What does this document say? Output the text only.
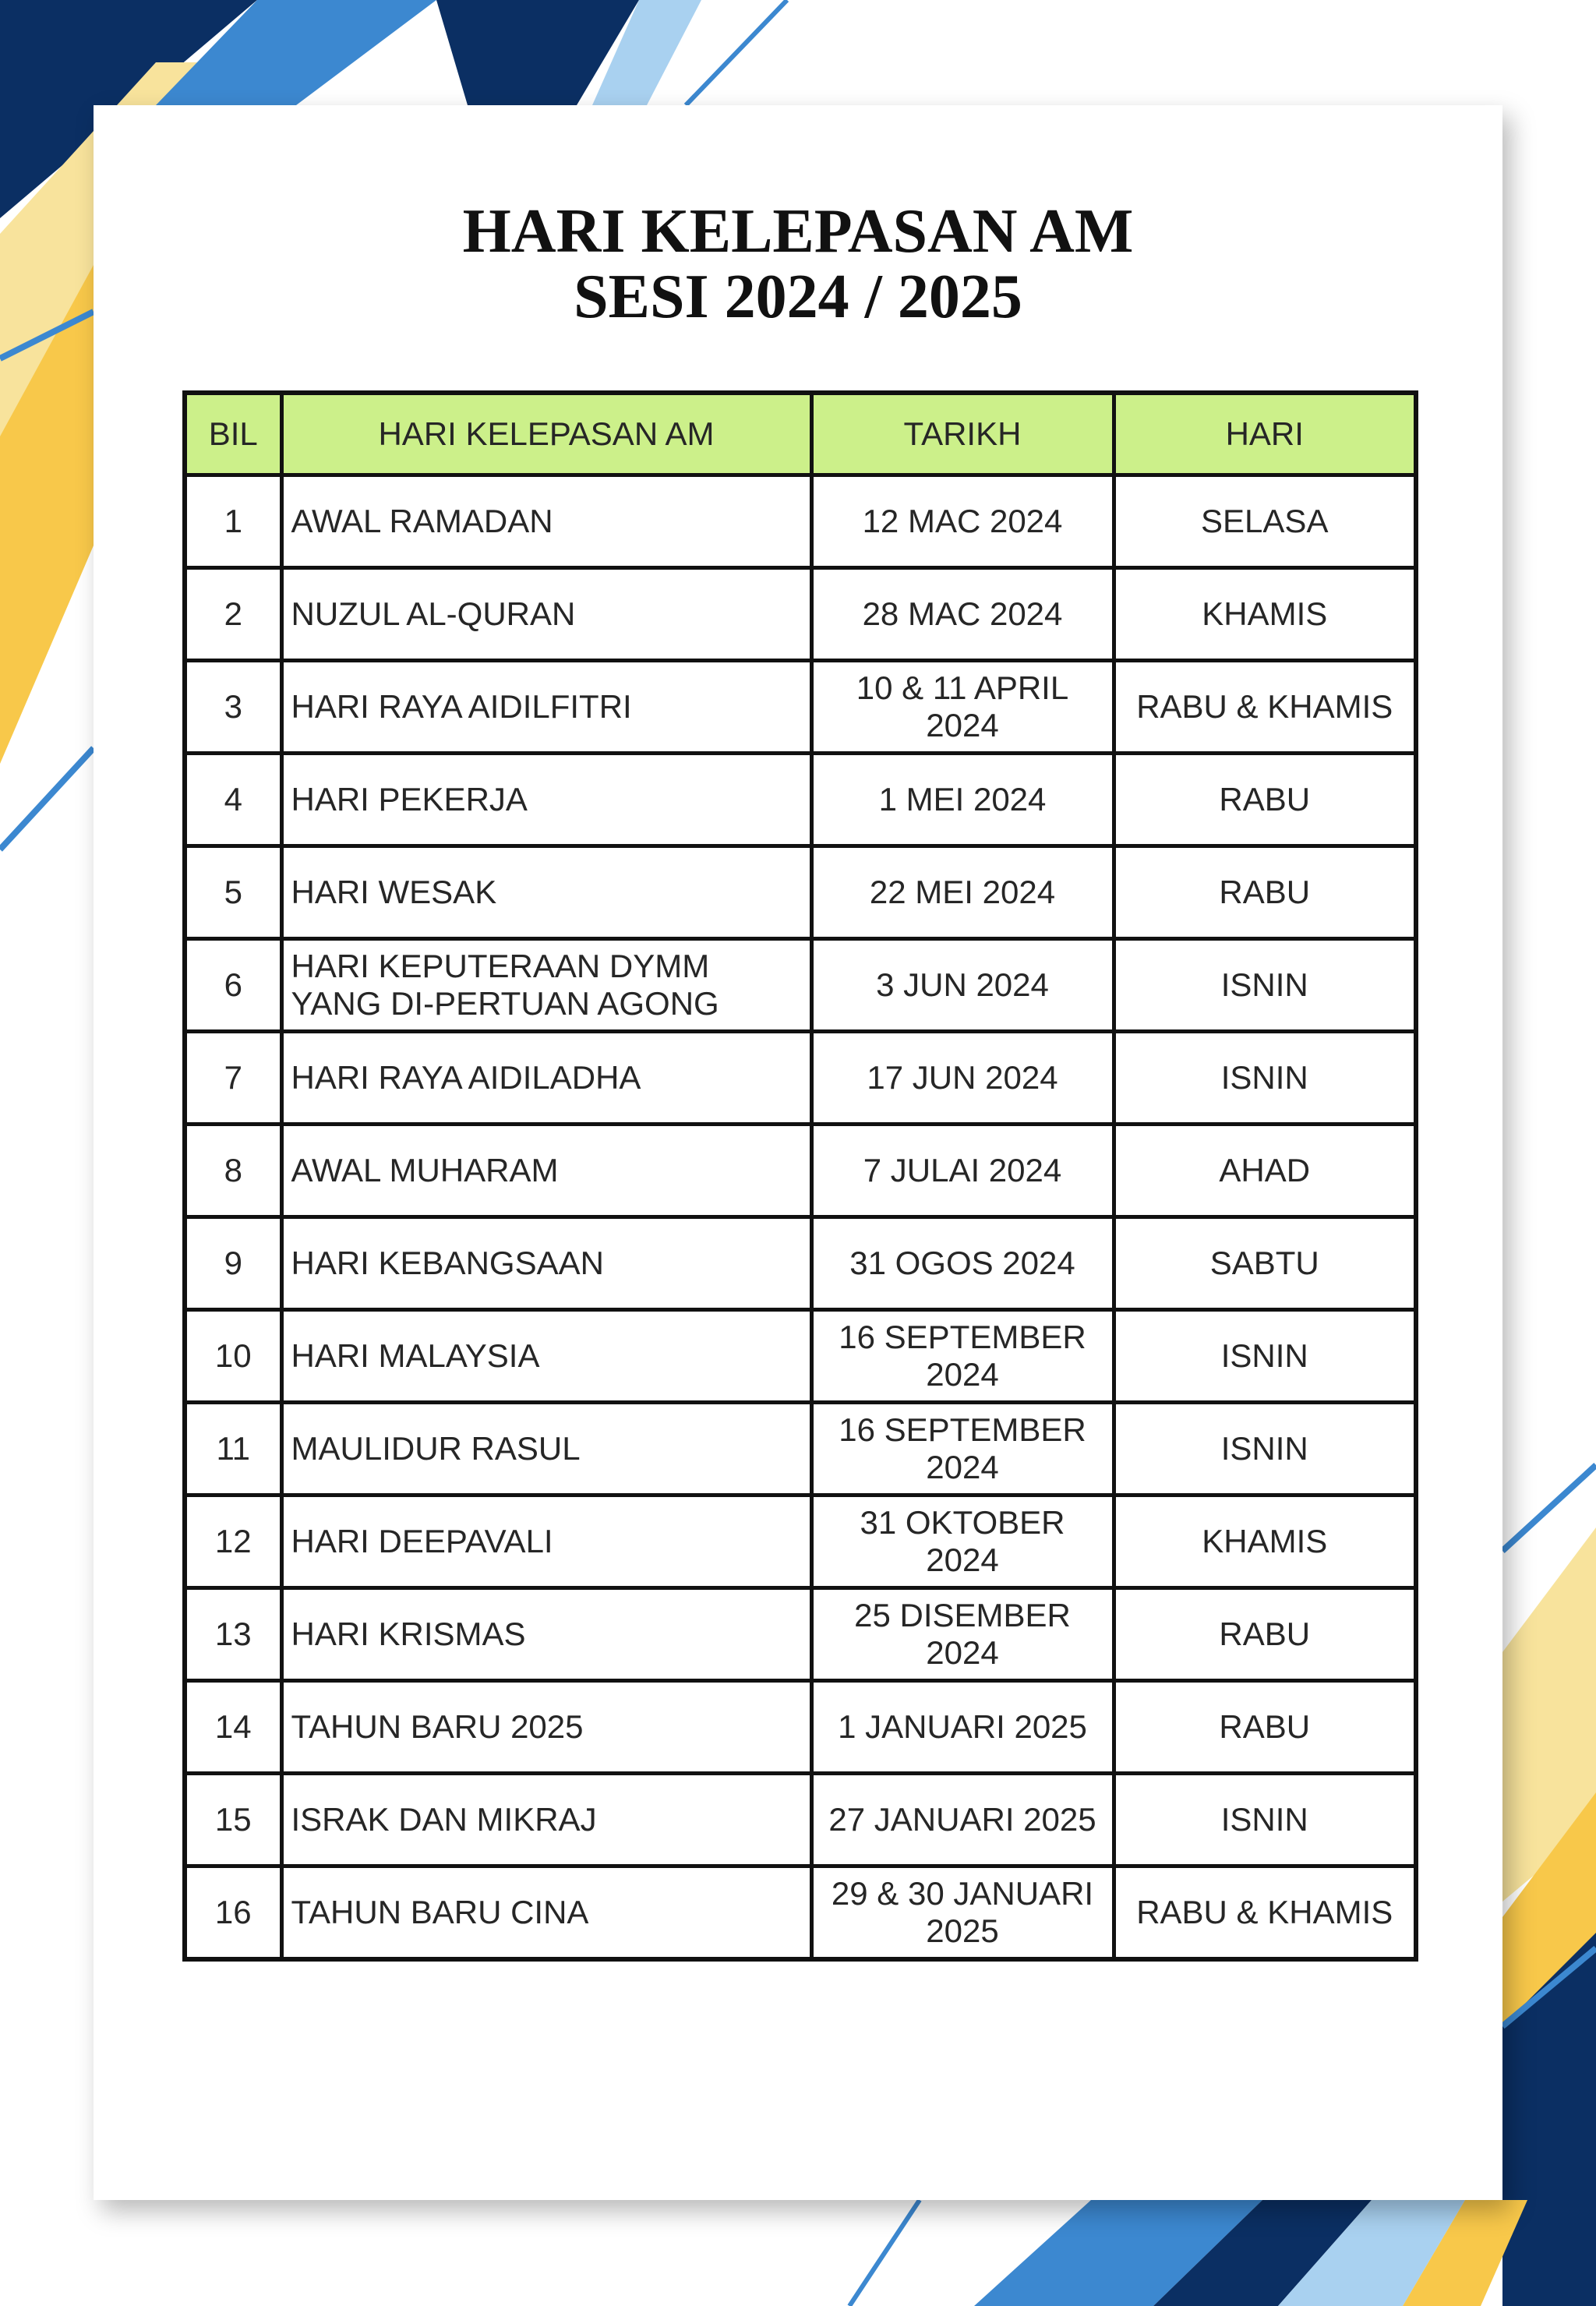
HARI KELEPASAN AM
SESI 2024 / 2025
BIL	HARI KELEPASAN AM	TARIKH	HARI
1	AWAL RAMADAN	12 MAC 2024	SELASA
2	NUZUL AL-QURAN	28 MAC 2024	KHAMIS
3	HARI RAYA AIDILFITRI	10 & 11 APRIL 2024	RABU & KHAMIS
4	HARI PEKERJA	1 MEI 2024	RABU
5	HARI WESAK	22 MEI 2024	RABU
6	HARI KEPUTERAAN DYMM YANG DI-PERTUAN AGONG	3 JUN 2024	ISNIN
7	HARI RAYA AIDILADHA	17 JUN 2024	ISNIN
8	AWAL MUHARAM	7 JULAI 2024	AHAD
9	HARI KEBANGSAAN	31 OGOS 2024	SABTU
10	HARI MALAYSIA	16 SEPTEMBER 2024	ISNIN
11	MAULIDUR RASUL	16 SEPTEMBER 2024	ISNIN
12	HARI DEEPAVALI	31 OKTOBER 2024	KHAMIS
13	HARI KRISMAS	25 DISEMBER 2024	RABU
14	TAHUN BARU 2025	1 JANUARI 2025	RABU
15	ISRAK DAN MIKRAJ	27 JANUARI 2025	ISNIN
16	TAHUN BARU CINA	29 & 30 JANUARI 2025	RABU & KHAMIS
